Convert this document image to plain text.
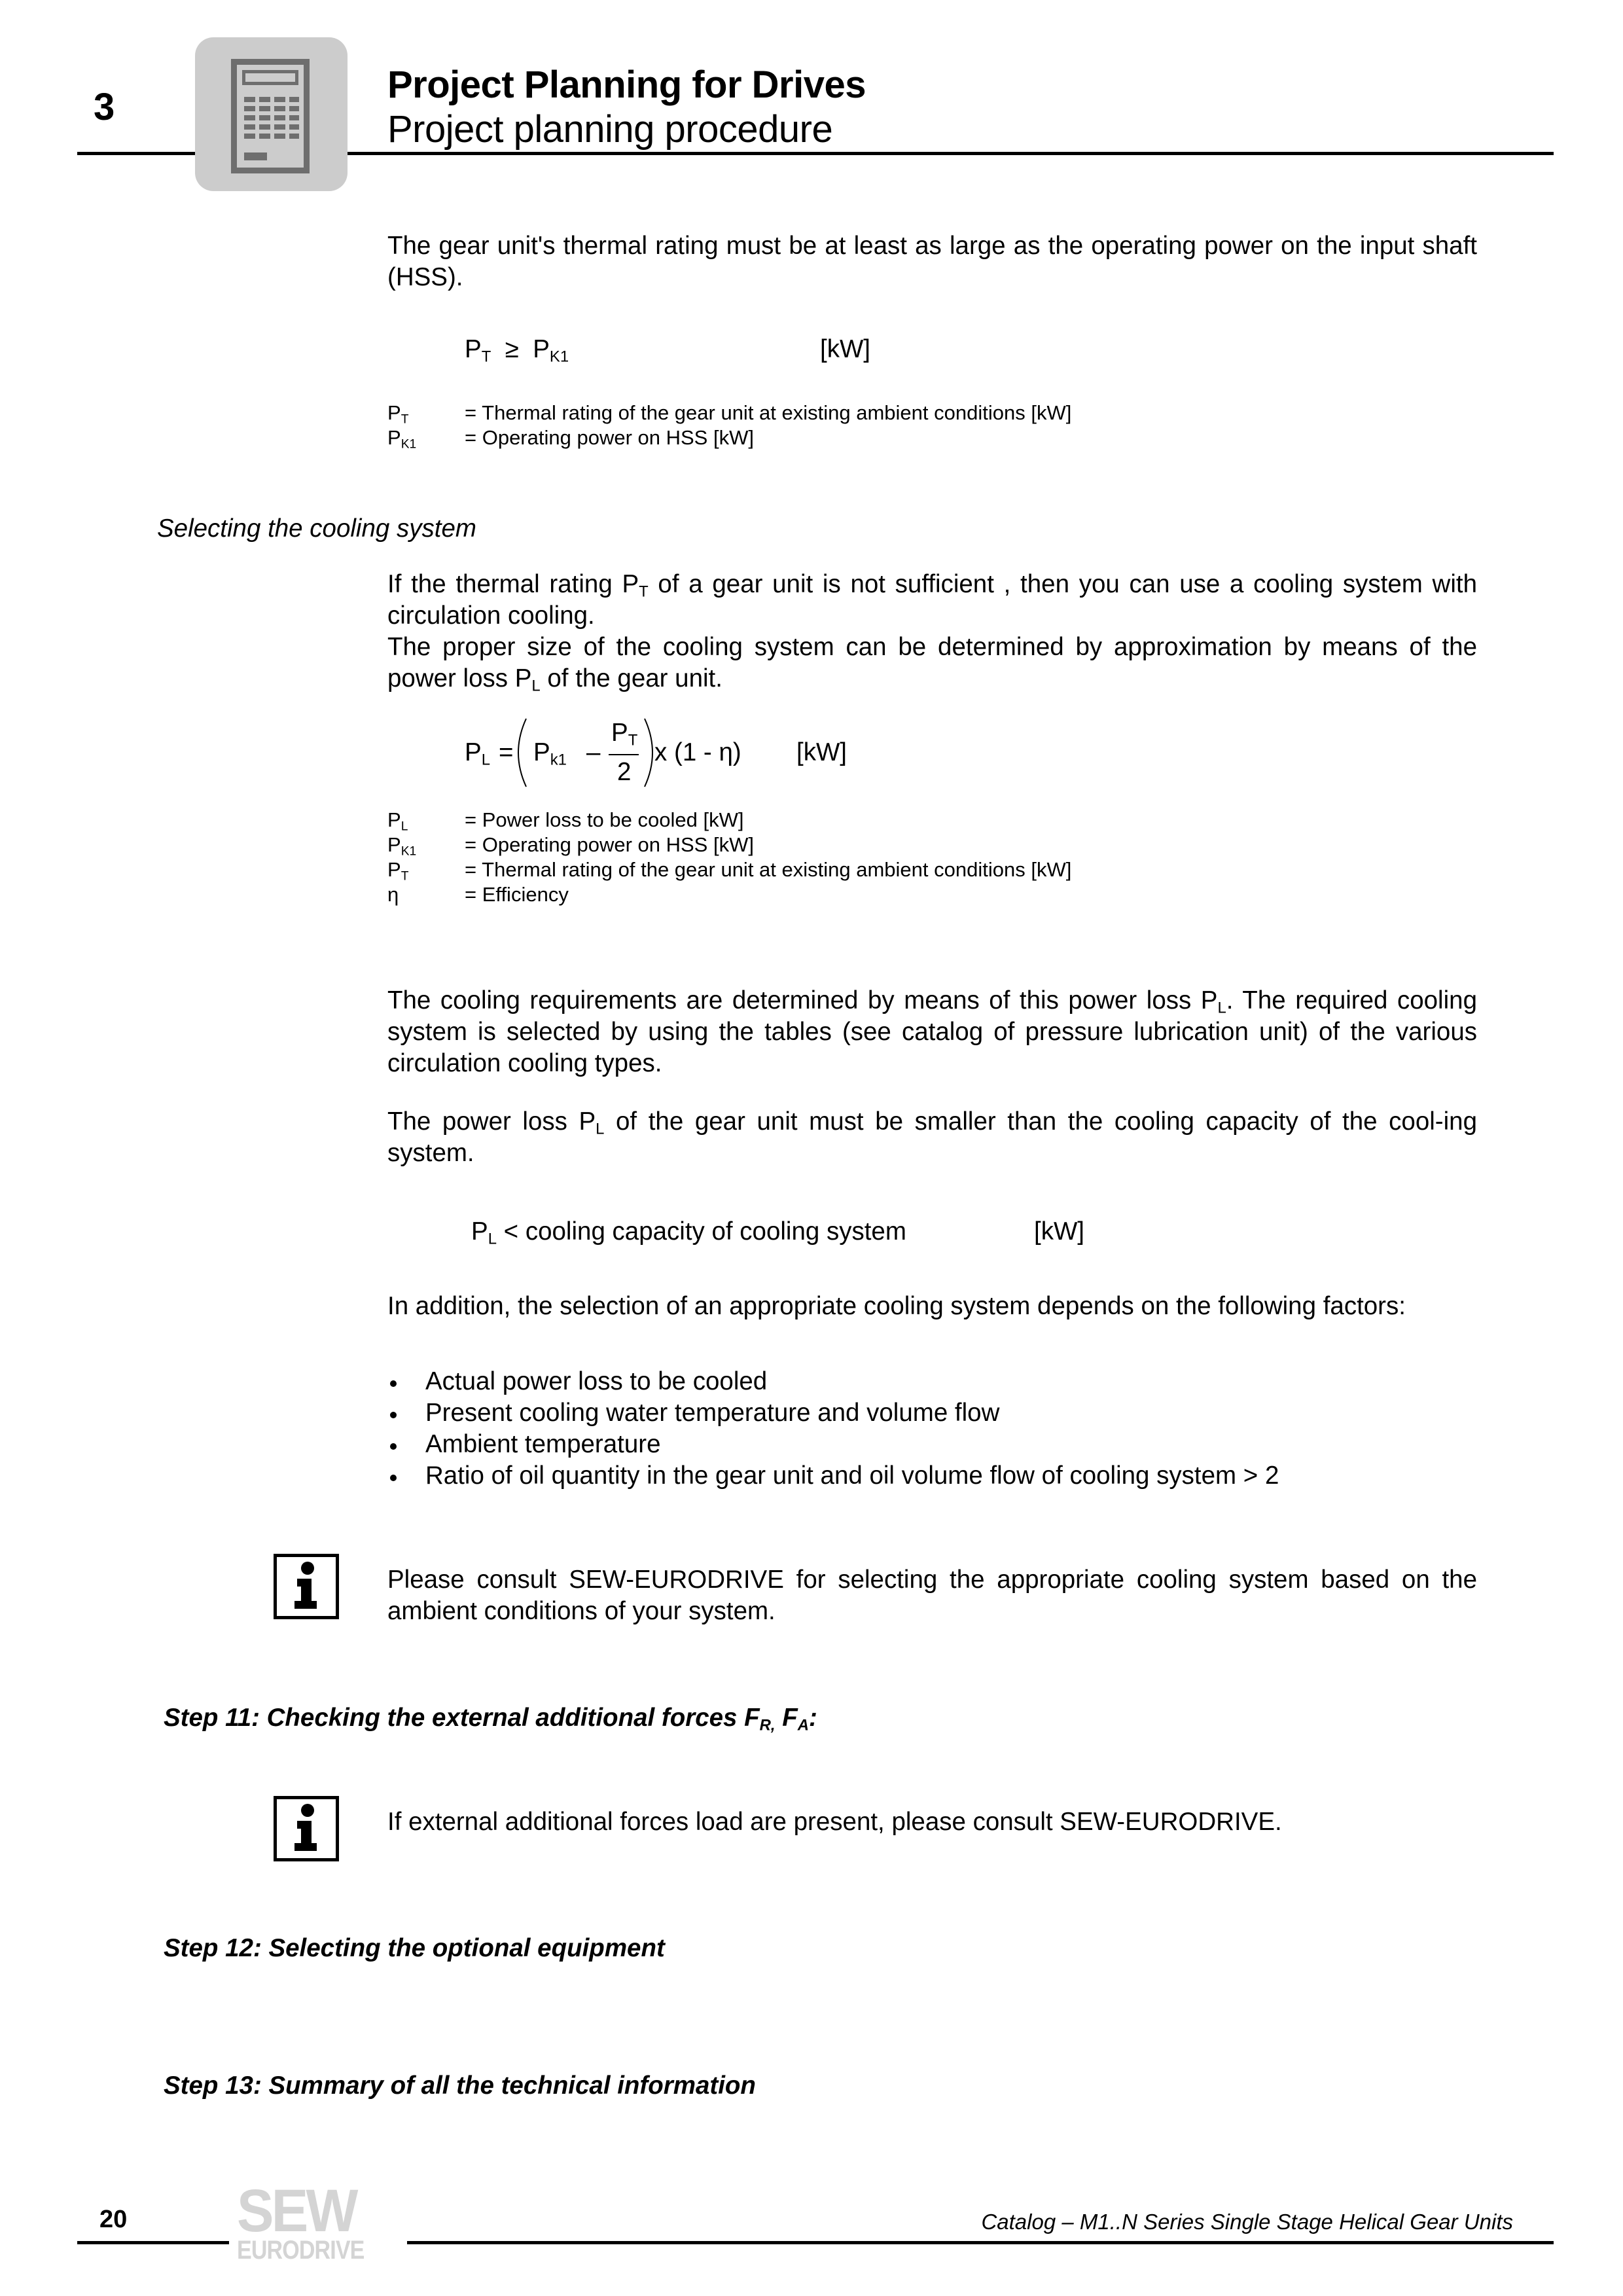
3
Project Planning for Drives
Project planning procedure
The gear unit's thermal rating must be at least as large as the operating power on the input shaft (HSS).
$P_T \ge P_{K1}$	[kW]
$P_T$	= Thermal rating of the gear unit at existing ambient conditions [kW]
$P_{K1}$ = Operating power on HSS [kW]
Selecting the cooling system
If the thermal rating $P_T$ of a gear unit is not sufficient , then you can use a cooling system with circulation cooling.
The proper size of the cooling system can be determined by approximation by means of the power loss $P_L$ of the gear unit.
$P_L = P_{k1}$ –
$P_T$
2
x (1 - η) [kW]
$P_L$	= Power loss to be cooled [kW]
$P_{K1}$ = Operating power on HSS [kW]
$P_T$	= Thermal rating of the gear unit at existing ambient conditions [kW]
η	= Efficiency
The cooling requirements are determined by means of this power loss $P_L$. The required cooling system is selected by using the tables (see catalog of pressure lubrication unit) of the various circulation cooling types.
The power loss $P_L$ of the gear unit must be smaller than the cooling capacity of the cool-ing system.
$P_L$ < cooling capacity of cooling system	[kW]
In addition, the selection of an appropriate cooling system depends on the following factors:
Actual power loss to be cooled
Present cooling water temperature and volume flow
Ambient temperature
Ratio of oil quantity in the gear unit and oil volume flow of cooling system > 2
Please consult SEW-EURODRIVE for selecting the appropriate cooling system based on the ambient conditions of your system.
Step 11: Checking the external additional forces $F_{R,}$ $F_A$:
If external additional forces load are present, please consult SEW-EURODRIVE.
Step 12: Selecting the optional equipment
Step 13: Summary of all the technical information
20 SEW
EURODRIVE
Catalog – M1..N Series Single Stage Helical Gear Units
